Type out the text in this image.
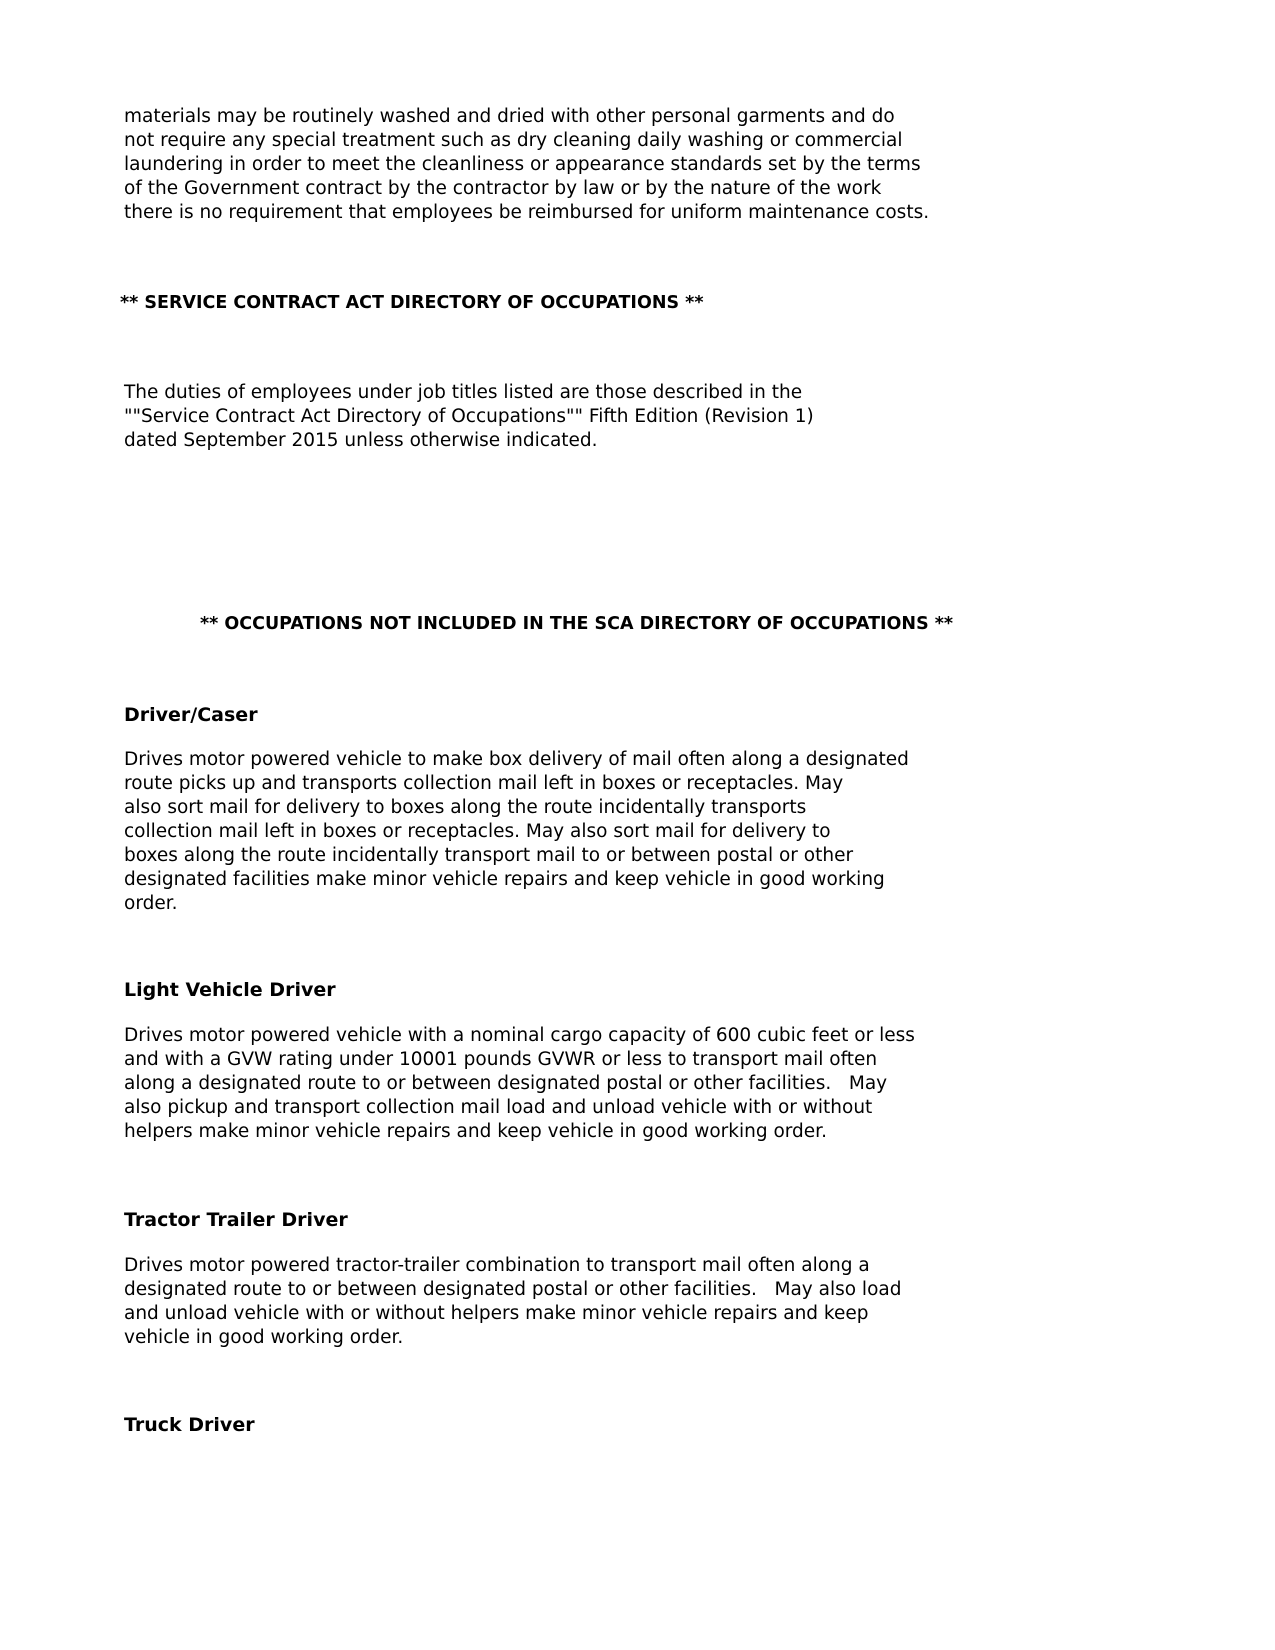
materials may be routinely washed and dried with other personal garments and do
not require any special treatment such as dry cleaning daily washing or commercial
laundering in order to meet the cleanliness or appearance standards set by the terms
of the Government contract by the contractor by law or by the nature of the work
there is no requirement that employees be reimbursed for uniform maintenance costs.

** SERVICE CONTRACT ACT DIRECTORY OF OCCUPATIONS **

The duties of employees under job titles listed are those described in the
""Service Contract Act Directory of Occupations"" Fifth Edition (Revision 1)
dated September 2015 unless otherwise indicated.

** OCCUPATIONS NOT INCLUDED IN THE SCA DIRECTORY OF OCCUPATIONS **
Driver/Caser

Drives motor powered vehicle to make box delivery of mail often along a designated
route picks up and transports collection mail left in boxes or receptacles. May
also sort mail for delivery to boxes along the route incidentally transports
collection mail left in boxes or receptacles. May also sort mail for delivery to
boxes along the route incidentally transport mail to or between postal or other
designated facilities make minor vehicle repairs and keep vehicle in good working
order.

Light Vehicle Driver

Drives motor powered vehicle with a nominal cargo capacity of 600 cubic feet or less
and with a GVW rating under 10001 pounds GVWR or less to transport mail often
along a designated route to or between designated postal or other facilities.   May
also pickup and transport collection mail load and unload vehicle with or without
helpers make minor vehicle repairs and keep vehicle in good working order.

Tractor Trailer Driver

Drives motor powered tractor-trailer combination to transport mail often along a
designated route to or between designated postal or other facilities.   May also load
and unload vehicle with or without helpers make minor vehicle repairs and keep
vehicle in good working order.

Truck Driver
